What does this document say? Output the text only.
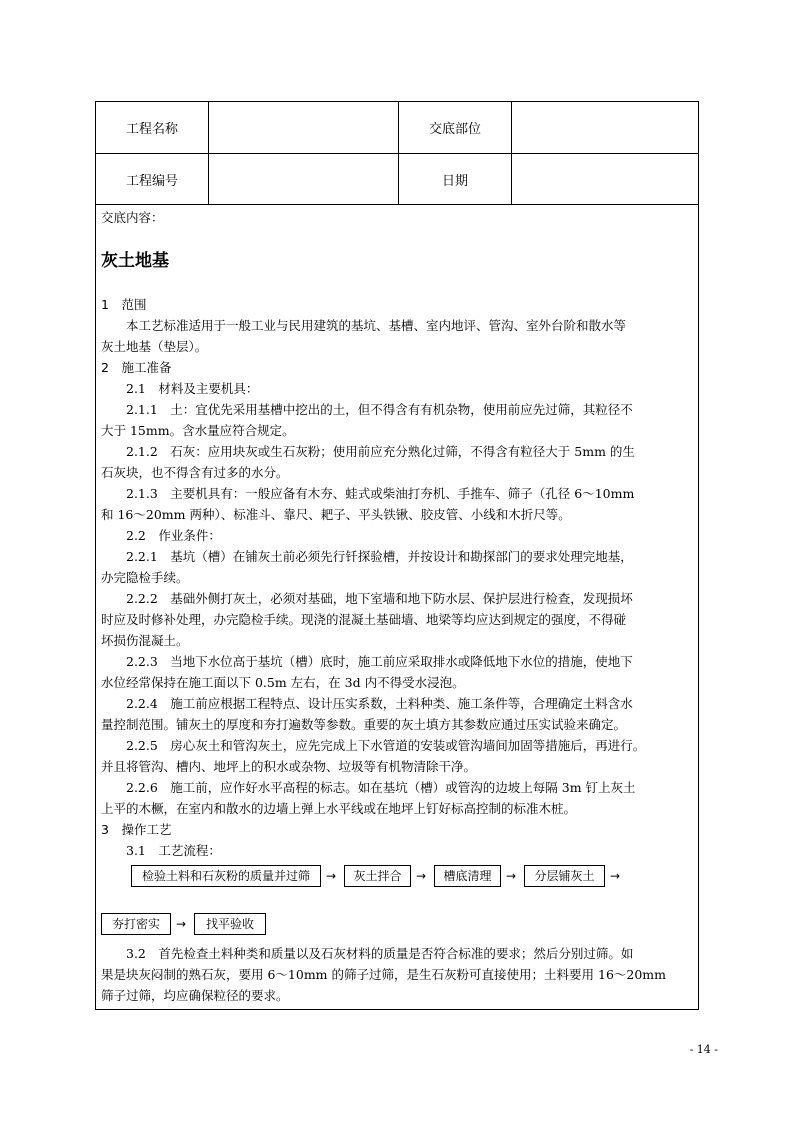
工程名称	交底部位
工程编号	日期
交底内容：
灰土地基
1　范围
本工艺标准适用于一般工业与民用建筑的基坑、基槽、室内地评、管沟、室外台阶和散水等
灰土地基（垫层）。
2　施工准备
2.1　材料及主要机具：
2.1.1　土：宜优先采用基槽中挖出的土，但不得含有有机杂物，使用前应先过筛，其粒径不
大于 15mm。含水量应符合规定。
2.1.2　石灰：应用块灰或生石灰粉；使用前应充分熟化过筛，不得含有粒径大于 5mm 的生
石灰块，也不得含有过多的水分。
2.1.3　主要机具有：一般应备有木夯、蛙式或柴油打夯机、手推车、筛子（孔径 6～10mm
和 16～20mm 两种）、标准斗、靠尺、耙子、平头铁锹、胶皮管、小线和木折尺等。
2.2　作业条件：
2.2.1　基坑（槽）在铺灰土前必须先行钎探验槽，并按设计和勘探部门的要求处理完地基，
办完隐检手续。
2.2.2　基础外侧打灰土，必须对基础，地下室墙和地下防水层、保护层进行检查，发现损坏
时应及时修补处理，办完隐检手续。现浇的混凝土基础墙、地梁等均应达到规定的强度，不得碰
坏损伤混凝土。
2.2.3　当地下水位高于基坑（槽）底时，施工前应采取排水或降低地下水位的措施，使地下
水位经常保持在施工面以下 0.5m 左右，在 3d 内不得受水浸泡。
2.2.4　施工前应根据工程特点、设计压实系数，土料种类、施工条件等，合理确定土料含水
量控制范围。铺灰土的厚度和夯打遍数等参数。重要的灰土填方其参数应通过压实试验来确定。
2.2.5　房心灰土和管沟灰土，应先完成上下水管道的安装或管沟墙间加固等措施后，再进行。
并且将管沟、槽内、地坪上的积水或杂物、垃圾等有机物清除干净。
2.2.6　施工前，应作好水平高程的标志。如在基坑（槽）或管沟的边坡上每隔 3m 钉上灰土
上平的木橛，在室内和散水的边墙上弹上水平线或在地坪上钉好标高控制的标准木桩。
3　操作工艺
3.1　工艺流程：
检验土料和石灰粉的质量并过筛	→	灰土拌合	→	槽底清理	→	分层铺灰土	→
夯打密实	→	找平验收
3.2　首先检查土料种类和质量以及石灰材料的质量是否符合标准的要求；然后分别过筛。如
果是块灰闷制的熟石灰，要用 6～10mm 的筛子过筛，是生石灰粉可直接使用；土料要用 16～20mm
筛子过筛，均应确保粒径的要求。
- 14 -
